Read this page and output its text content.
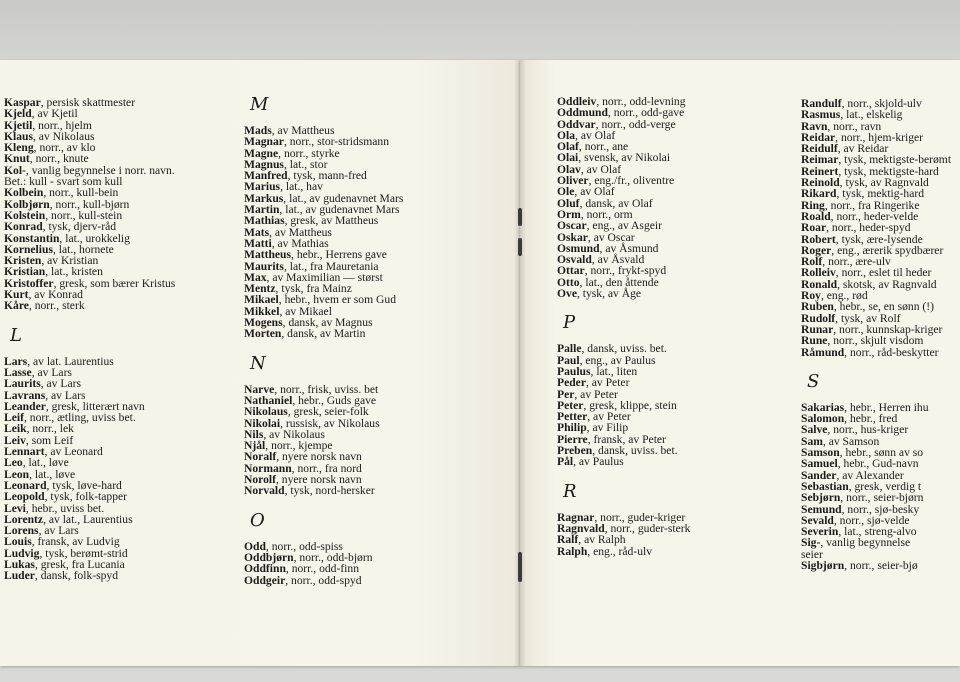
Kaspar, persisk skattmester
Kjeld, av Kjetil
Kjetil, norr., hjelm
Klaus, av Nikolaus
Kleng, norr., av klo
Knut, norr., knute
Kol-, vanlig begynnelse i norr. navn.
Bet.: kull - svart som kull
Kolbein, norr., kull-bein
Kolbjørn, norr., kull-bjørn
Kolstein, norr., kull-stein
Konrad, tysk, djerv-råd
Konstantin, lat., urokkelig
Kornelius, lat., hornete
Kristen, av Kristian
Kristian, lat., kristen
Kristoffer, gresk, som bærer Kristus
Kurt, av Konrad
Kåre, norr., sterk
L
Lars, av lat. Laurentius
Lasse, av Lars
Laurits, av Lars
Lavrans, av Lars
Leander, gresk, litterært navn
Leif, norr., ætling, uviss bet.
Leik, norr., lek
Leiv, som Leif
Lennart, av Leonard
Leo, lat., løve
Leon, lat., løve
Leonard, tysk, løve-hard
Leopold, tysk, folk-tapper
Levi, hebr., uviss bet.
Lorentz, av lat., Laurentius
Lorens, av Lars
Louis, fransk, av Ludvig
Ludvig, tysk, berømt-strid
Lukas, gresk, fra Lucania
Luder, dansk, folk-spyd
M
Mads, av Mattheus
Magnar, norr., stor-stridsmann
Magne, norr., styrke
Magnus, lat., stor
Manfred, tysk, mann-fred
Marius, lat., hav
Markus, lat., av gudenavnet Mars
Martin, lat., av gudenavnet Mars
Mathias, gresk, av Mattheus
Mats, av Mattheus
Matti, av Mathias
Mattheus, hebr., Herrens gave
Maurits, lat., fra Mauretania
Max, av Maximilian — størst
Mentz, tysk, fra Mainz
Mikael, hebr., hvem er som Gud
Mikkel, av Mikael
Mogens, dansk, av Magnus
Morten, dansk, av Martin
N
Narve, norr., frisk, uviss. bet
Nathaniel, hebr., Guds gave
Nikolaus, gresk, seier-folk
Nikolai, russisk, av Nikolaus
Nils, av Nikolaus
Njål, norr., kjempe
Noralf, nyere norsk navn
Normann, norr., fra nord
Norolf, nyere norsk navn
Norvald, tysk, nord-hersker
O
Odd, norr., odd-spiss
Oddbjørn, norr., odd-bjørn
Oddfinn, norr., odd-finn
Oddgeir, norr., odd-spyd
Oddleiv, norr., odd-levning
Oddmund, norr., odd-gave
Oddvar, norr., odd-verge
Ola, av Olaf
Olaf, norr., ane
Olai, svensk, av Nikolai
Olav, av Olaf
Oliver, eng./fr., oliventre
Ole, av Olaf
Oluf, dansk, av Olaf
Orm, norr., orm
Oscar, eng., av Asgeir
Oskar, av Oscar
Osmund, av Åsmund
Osvald, av Åsvald
Ottar, norr., frykt-spyd
Otto, lat., den åttende
Ove, tysk, av Åge
P
Palle, dansk, uviss. bet.
Paul, eng., av Paulus
Paulus, lat., liten
Peder, av Peter
Per, av Peter
Peter, gresk, klippe, stein
Petter, av Peter
Philip, av Filip
Pierre, fransk, av Peter
Preben, dansk, uviss. bet.
Pål, av Paulus
R
Ragnar, norr., guder-kriger
Ragnvald, norr., guder-sterk
Ralf, av Ralph
Ralph, eng., råd-ulv
Randulf, norr., skjold-ulv
Rasmus, lat., elskelig
Ravn, norr., ravn
Reidar, norr., hjem-kriger
Reidulf, av Reidar
Reimar, tysk, mektigste-berømt
Reinert, tysk, mektigste-hard
Reinold, tysk, av Ragnvald
Rikard, tysk, mektig-hard
Ring, norr., fra Ringerike
Roald, norr., heder-velde
Roar, norr., heder-spyd
Robert, tysk, ære-lysende
Roger, eng., ærerik spydbærer
Rolf, norr., ære-ulv
Rolleiv, norr., eslet til heder
Ronald, skotsk, av Ragnvald
Roy, eng., rød
Ruben, hebr., se, en sønn (!)
Rudolf, tysk, av Rolf
Runar, norr., kunnskap-kriger
Rune, norr., skjult visdom
Råmund, norr., råd-beskytter
S
Sakarias, hebr., Herren ihu
Salomon, hebr., fred
Salve, norr., hus-kriger
Sam, av Samson
Samson, hebr., sønn av so
Samuel, hebr., Gud-navn
Sander, av Alexander
Sebastian, gresk, verdig t
Sebjørn, norr., seier-bjørn
Semund, norr., sjø-besky
Sevald, norr., sjø-velde
Severin, lat., streng-alvo
Sig-, vanlig begynnelse
seier
Sigbjørn, norr., seier-bjø
